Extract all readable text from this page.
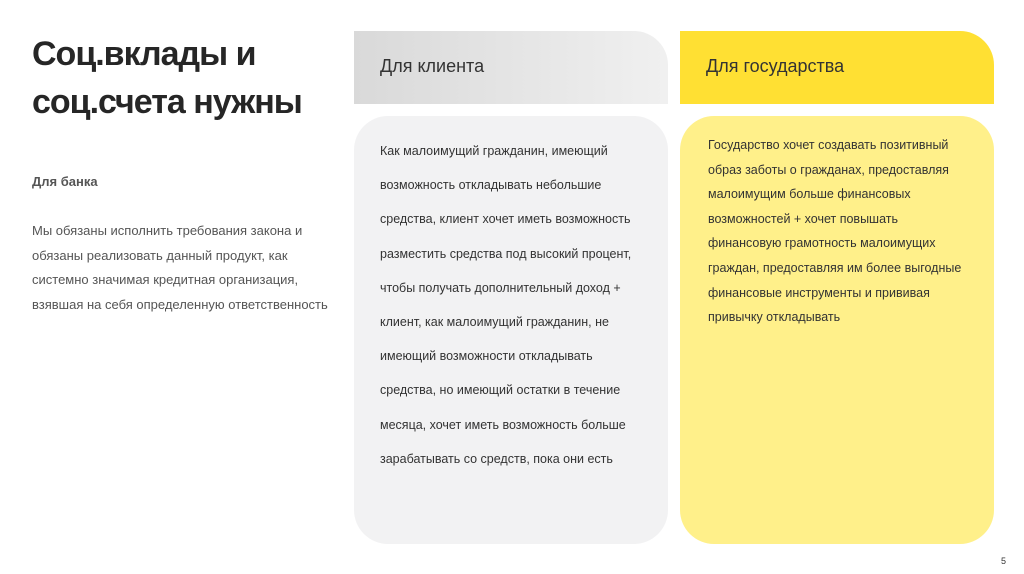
Соц.вклады и соц.счета нужны
Для банка
Мы обязаны исполнить требования закона и обязаны реализовать данный продукт, как системно значимая кредитная организация, взявшая на себя определенную ответственность
Для клиента	Для государства
Как малоимущий гражданин, имеющий возможность откладывать небольшие средства, клиент хочет иметь возможность разместить средства под высокий процент, чтобы получать дополнительный доход + клиент, как малоимущий гражданин, не имеющий возможности откладывать средства, но имеющий остатки в течение месяца, хочет иметь возможность больше зарабатывать со средств, пока они есть
Государство хочет создавать позитивный образ заботы о гражданах, предоставляя малоимущим больше финансовых возможностей + хочет повышать финансовую грамотность малоимущих граждан, предоставляя им более выгодные финансовые инструменты и прививая привычку откладывать
5
